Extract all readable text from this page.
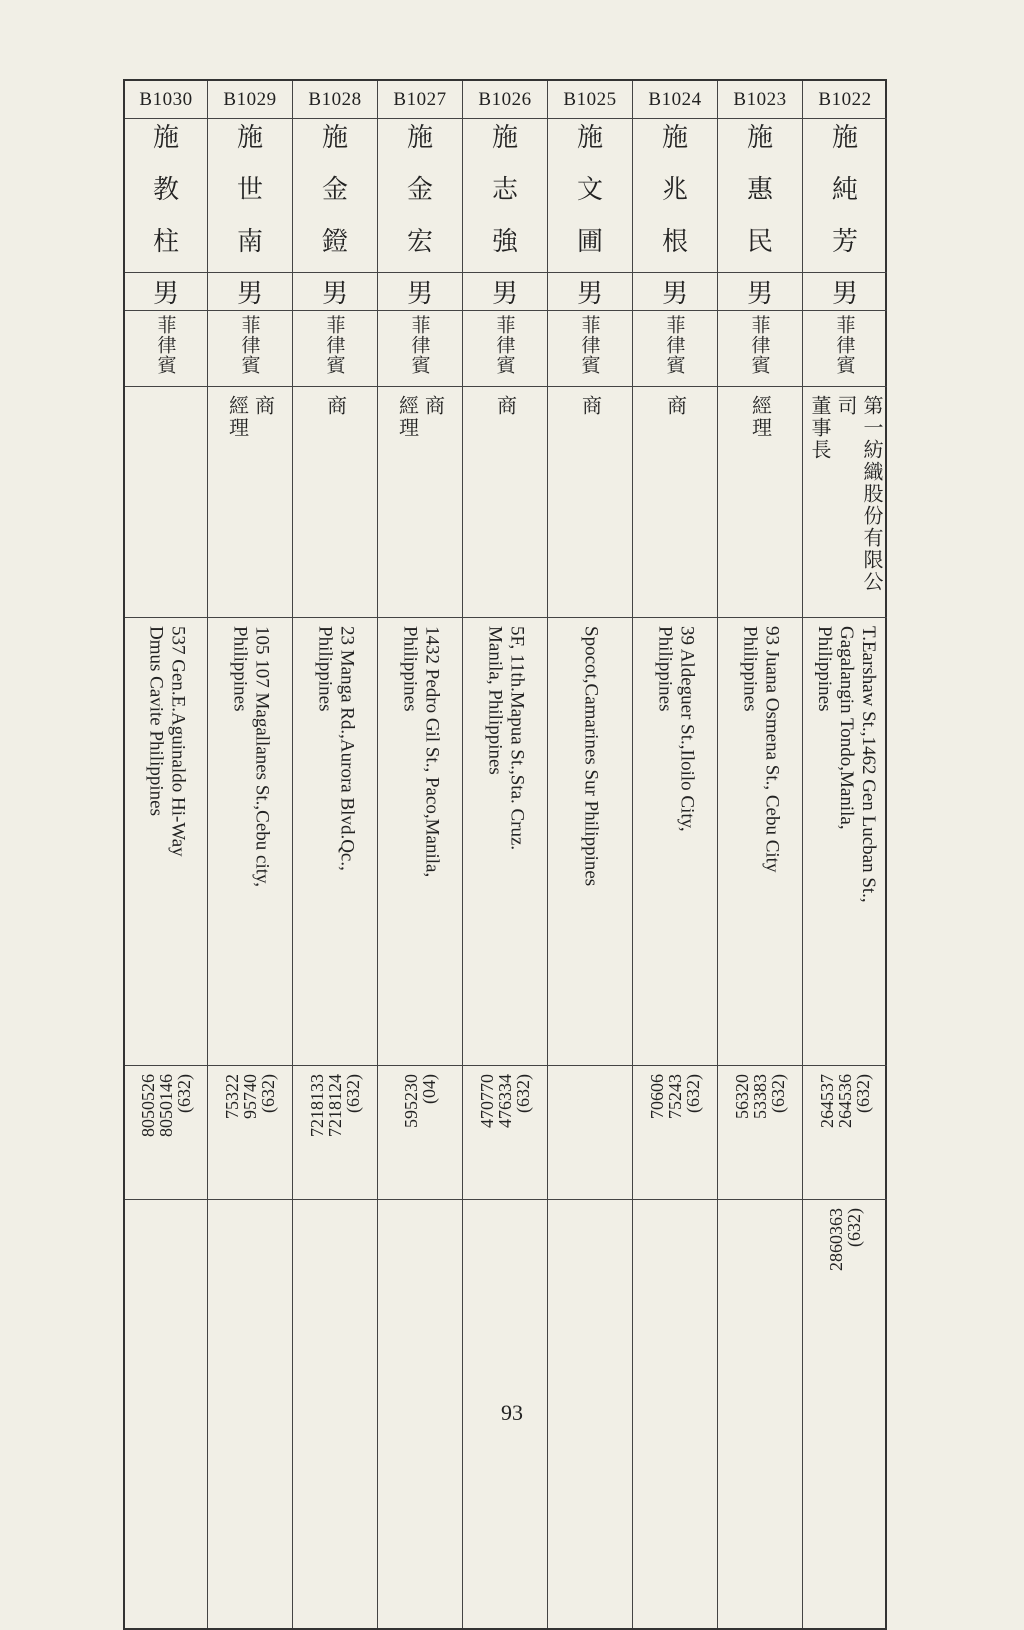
B1030
施
教
柱
男
菲律賓
537 Gen.E.Aguinaldo Hi-Way
Dmus Cavite Philippines
(632)
8050146
8050526
B1029
施
世
南
男
菲律賓
商
經理
105 107 Magallanes St.,Cebu city,
Philippines
(632)
95740
75322
B1028
施
金
鐙
男
菲律賓
商
23 Manga Rd.,Aurora Blvd.Qc.,
Philippines
(632)
7218124
7218133
B1027
施
金
宏
男
菲律賓
商
經理
1432 Pedro Gil St., Paco,Manila,
Philippines
(04)
595230
B1026
施
志
強
男
菲律賓
商
5F, 11th.Mapua St.,Sta. Cruz.
Manila, Philippines
(632)
476334
470770
B1025
施
文
圃
男
菲律賓
商
Spocot,Camarines Sur Philippines
B1024
施
兆
根
男
菲律賓
商
39 Aldeguer St.,Iloilo City,
Philippines
(632)
75243
70606
B1023
施
惠
民
男
菲律賓
經理
93 Juana Osmena St., Cebu City
Philippines
(632)
53383
56320
B1022
施
純
芳
男
菲律賓
第一紡織股份有限公
司
董事長
T.Earshaw St.,1462 Gen Lucban St.,
Gagalangin Tondo,Manila,
Philippines
(632)
264536
264537
(632)
2860363
93
